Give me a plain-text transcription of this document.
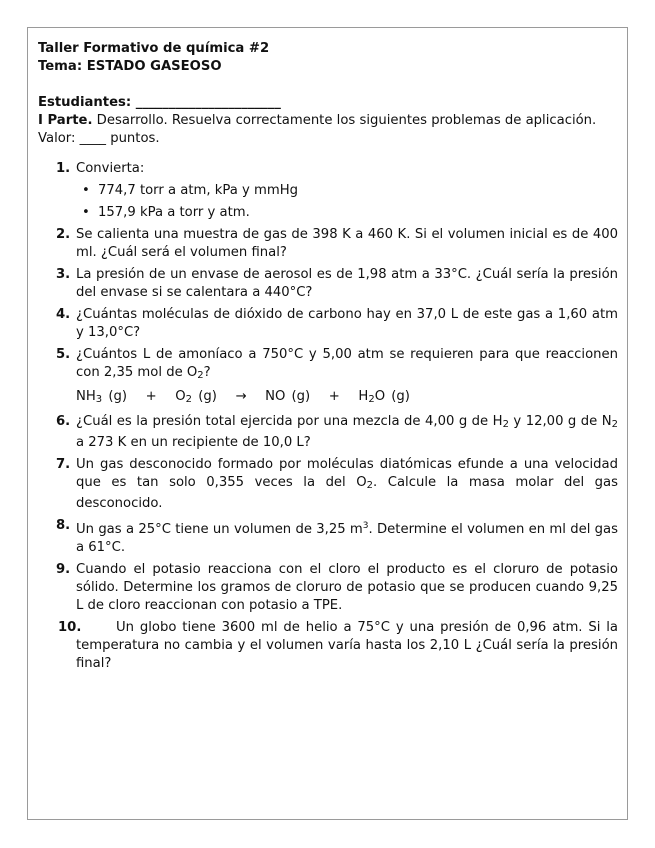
Taller Formativo de química #2
Tema: ESTADO GASEOSO
Estudiantes: ______________________
I Parte. Desarrollo. Resuelva correctamente los siguientes problemas de aplicación.
Valor: ____ puntos.
1. Convierta:
• 774,7 torr a atm, kPa y mmHg
• 157,9 kPa a torr y atm.
2. Se calienta una muestra de gas de 398 K a 460 K. Si el volumen inicial es de 400 ml. ¿Cuál será el volumen final?
3. La presión de un envase de aerosol es de 1,98 atm a 33°C. ¿Cuál sería la presión del envase si se calentara a 440°C?
4. ¿Cuántas moléculas de dióxido de carbono hay en 37,0 L de este gas a 1,60 atm y 13,0°C?
5. ¿Cuántos L de amoníaco a 750°C y 5,00 atm se requieren para que reaccionen con 2,35 mol de $O_2$?
$NH_3$ $(g) + O_2$ (g) → NO $(g) + H_2O$ (g)
6. ¿Cuál es la presión total ejercida por una mezcla de 4,00 g de $H_2$ y 12,00 g de $N_2$ a 273 K en un recipiente de 10,0 L?
7. Un gas desconocido formado por moléculas diatómicas efunde a una velocidad que es tan solo 0,355 veces la del $O_2$. Calcule la masa molar del gas desconocido.
8. Un gas a 25°C tiene un volumen de 3,25 $m^3$. Determine el volumen en ml del gas a 61°C.
9. Cuando el potasio reacciona con el cloro el producto es el cloruro de potasio sólido. Determine los gramos de cloruro de potasio que se producen cuando 9,25 L de cloro reaccionan con potasio a TPE.
10.	Un globo tiene 3600 ml de helio a 75°C y una presión de 0,96 atm. Si la temperatura no cambia y el volumen varía hasta los 2,10 L ¿Cuál sería la presión final?
